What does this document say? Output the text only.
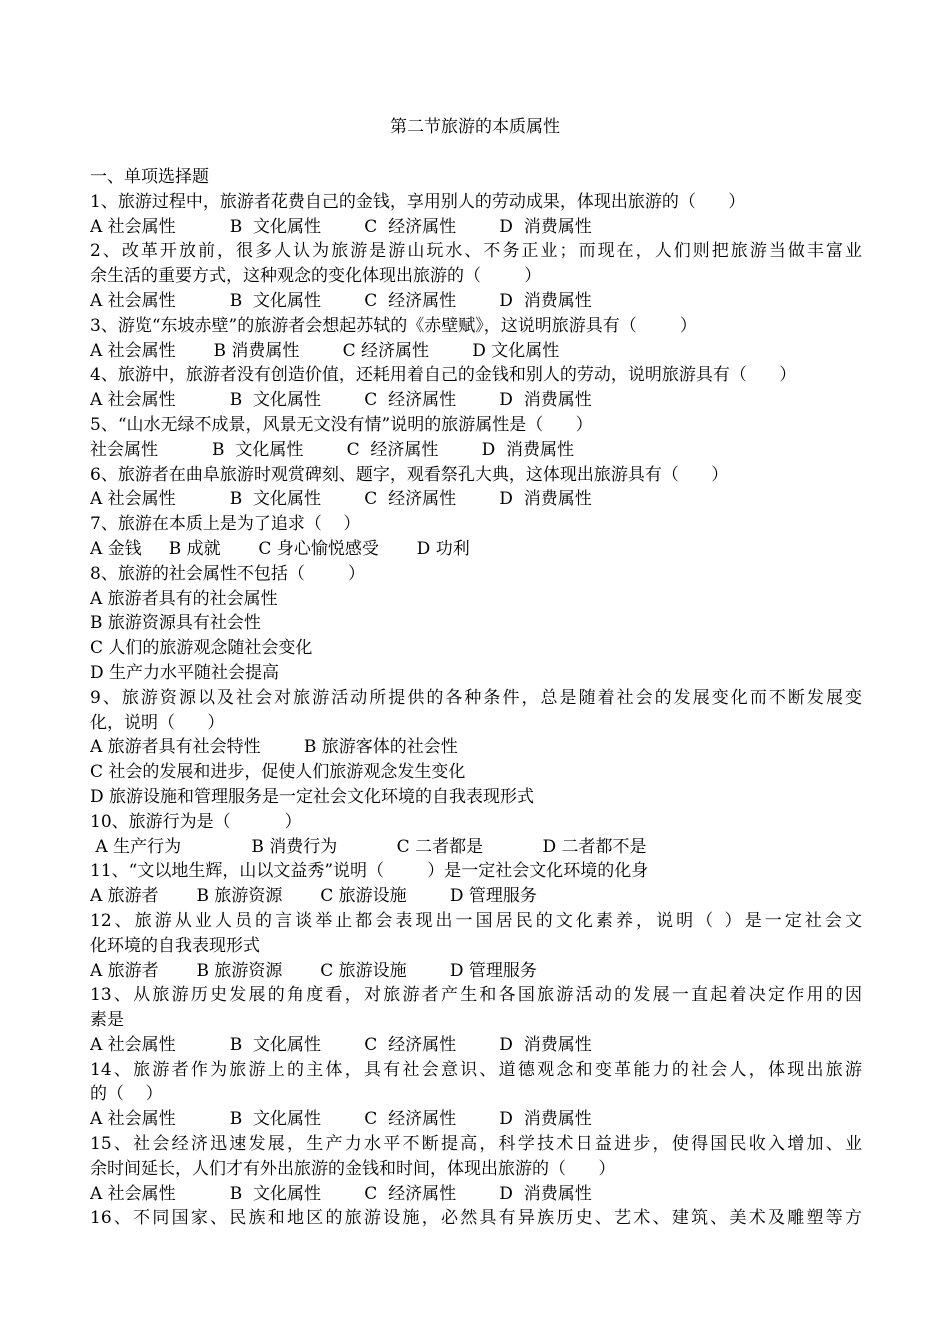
第二节旅游的本质属性
一、单项选择题
1、旅游过程中，旅游者花费自己的金钱，享用别人的劳动成果，体现出旅游的（      ）
A 社会属性          B  文化属性        C  经济属性        D  消费属性
2、改革开放前，很多人认为旅游是游山玩水、不务正业；而现在，人们则把旅游当做丰富业
余生活的重要方式，这种观念的变化体现出旅游的（        ）
A 社会属性          B  文化属性        C  经济属性        D  消费属性
3、游览“东坡赤壁”的旅游者会想起苏轼的《赤壁赋》，这说明旅游具有（        ）
A 社会属性       B 消费属性        C 经济属性        D 文化属性
4、旅游中，旅游者没有创造价值，还耗用着自己的金钱和别人的劳动，说明旅游具有（      ）
A 社会属性          B  文化属性        C  经济属性        D  消费属性
5、“山水无绿不成景，风景无文没有情”说明的旅游属性是（      ）
社会属性          B  文化属性        C  经济属性        D  消费属性
6、旅游者在曲阜旅游时观赏碑刻、题字，观看祭孔大典，这体现出旅游具有（      ）
A 社会属性          B  文化属性        C  经济属性        D  消费属性
7、旅游在本质上是为了追求（    ）
A 金钱     B 成就       C 身心愉悦感受       D 功利
8、旅游的社会属性不包括（        ）
A 旅游者具有的社会属性
B 旅游资源具有社会性
C 人们的旅游观念随社会变化
D 生产力水平随社会提高
9、旅游资源以及社会对旅游活动所提供的各种条件，总是随着社会的发展变化而不断发展变
化，说明（      ）
A 旅游者具有社会特性        B 旅游客体的社会性
C 社会的发展和进步，促使人们旅游观念发生变化
D 旅游设施和管理服务是一定社会文化环境的自我表现形式
10、旅游行为是（          ）
A 生产行为             B 消费行为           C 二者都是           D 二者都不是
11、“文以地生辉，山以文益秀”说明（        ）是一定社会文化环境的化身
A 旅游者       B 旅游资源       C 旅游设施        D 管理服务
12、旅游从业人员的言谈举止都会表现出一国居民的文化素养，说明（ ）是一定社会文
化环境的自我表现形式
A 旅游者       B 旅游资源       C 旅游设施        D 管理服务
13、从旅游历史发展的角度看，对旅游者产生和各国旅游活动的发展一直起着决定作用的因
素是
A 社会属性          B  文化属性        C  经济属性        D  消费属性
14、旅游者作为旅游上的主体，具有社会意识、道德观念和变革能力的社会人，体现出旅游
的（    ）
A 社会属性          B  文化属性        C  经济属性        D  消费属性
15、社会经济迅速发展，生产力水平不断提高，科学技术日益进步，使得国民收入增加、业
余时间延长，人们才有外出旅游的金钱和时间，体现出旅游的（      ）
A 社会属性          B  文化属性        C  经济属性        D  消费属性
16、不同国家、民族和地区的旅游设施，必然具有异族历史、艺术、建筑、美术及雕塑等方
